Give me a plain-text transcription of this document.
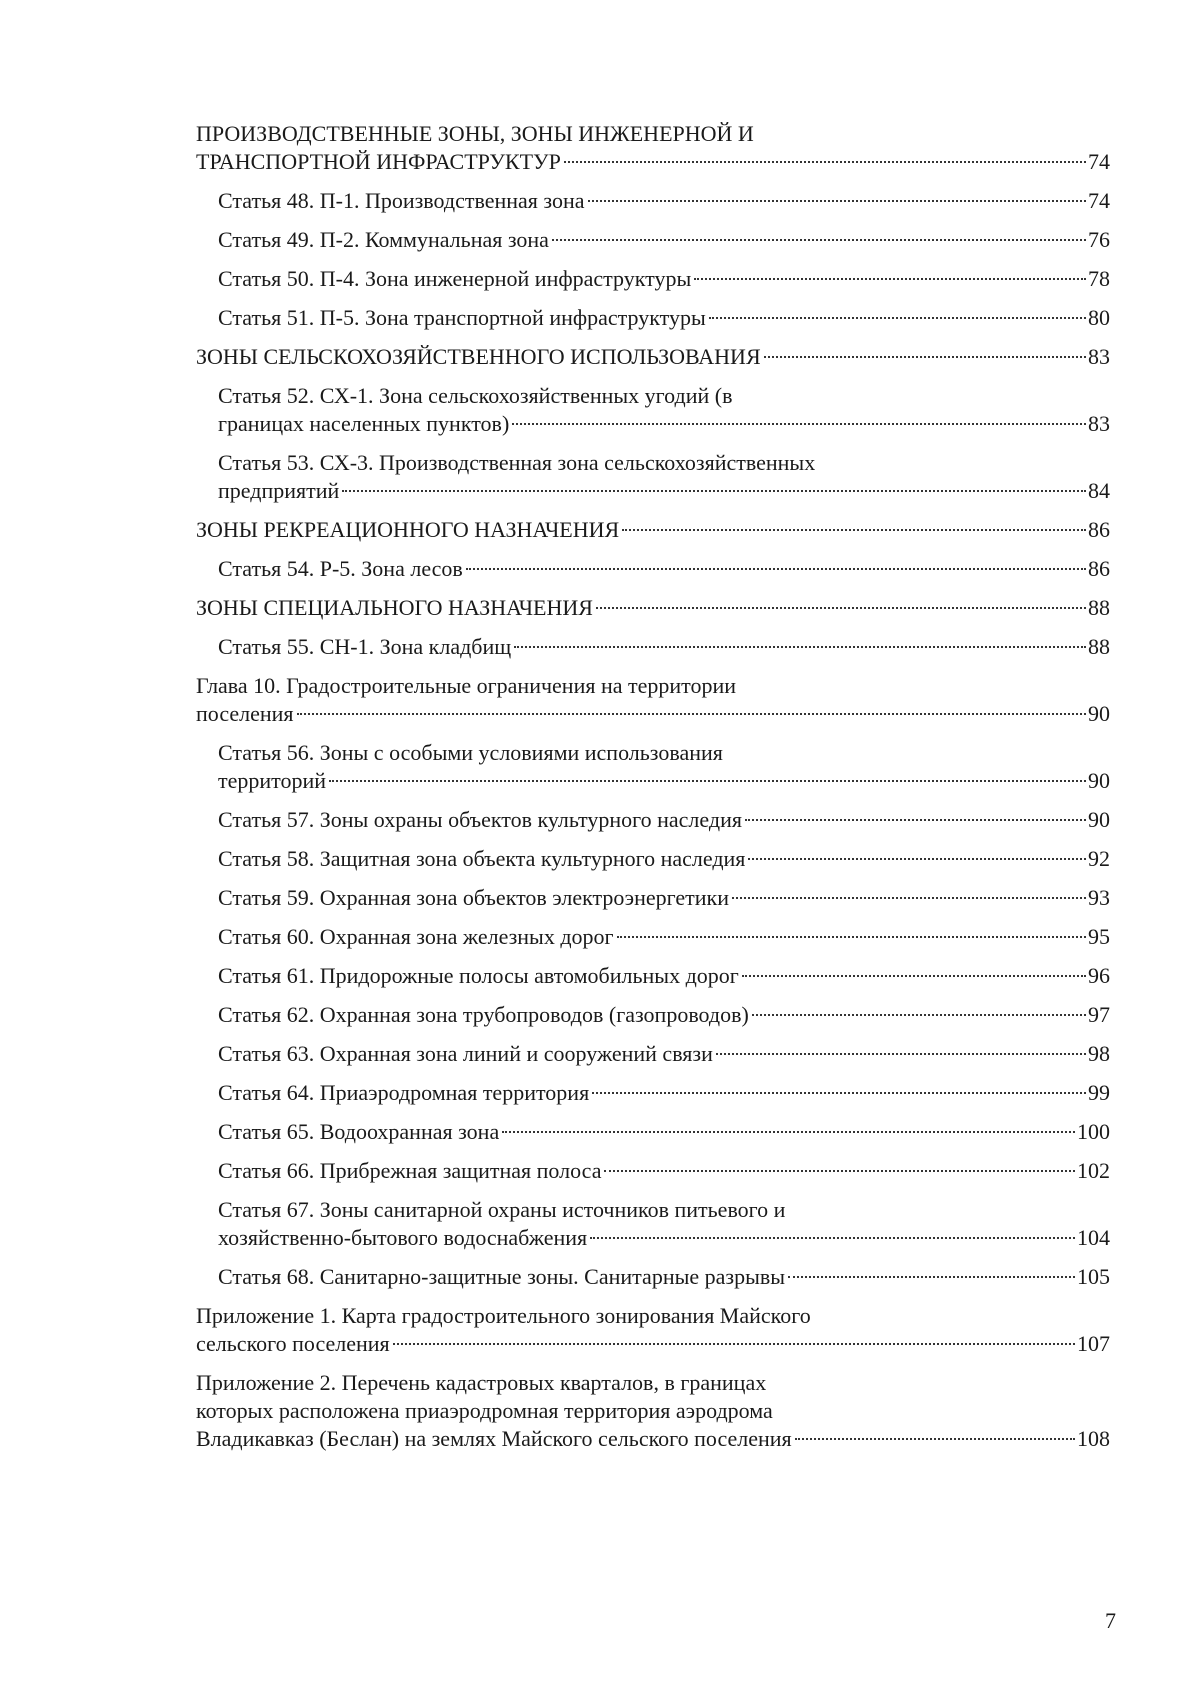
ПРОИЗВОДСТВЕННЫЕ ЗОНЫ, ЗОНЫ ИНЖЕНЕРНОЙ И
ТРАНСПОРТНОЙ ИНФРАСТРУКТУР	74
Статья 48. П-1. Производственная зона	74
Статья 49. П-2. Коммунальная зона	76
Статья 50. П-4. Зона инженерной инфраструктуры	78
Статья 51. П-5. Зона транспортной инфраструктуры	80
ЗОНЫ СЕЛЬСКОХОЗЯЙСТВЕННОГО ИСПОЛЬЗОВАНИЯ	83
Статья 52. СХ-1. Зона сельскохозяйственных угодий (в
границах населенных пунктов)	83
Статья 53. СХ-3. Производственная зона сельскохозяйственных
предприятий	84
ЗОНЫ РЕКРЕАЦИОННОГО НАЗНАЧЕНИЯ	86
Статья 54. Р-5. Зона лесов	86
ЗОНЫ СПЕЦИАЛЬНОГО НАЗНАЧЕНИЯ	88
Статья 55. СН-1. Зона кладбищ	88
Глава 10. Градостроительные ограничения на территории
поселения	90
Статья 56. Зоны с особыми условиями использования
территорий	90
Статья 57. Зоны охраны объектов культурного наследия	90
Статья 58. Защитная зона объекта культурного наследия	92
Статья 59. Охранная зона объектов электроэнергетики	93
Статья 60. Охранная зона железных дорог	95
Статья 61. Придорожные полосы автомобильных дорог	96
Статья 62. Охранная зона трубопроводов (газопроводов)	97
Статья 63. Охранная зона линий и сооружений связи	98
Статья 64. Приаэродромная территория	99
Статья 65. Водоохранная зона	100
Статья 66. Прибрежная защитная полоса	102
Статья 67. Зоны санитарной охраны источников питьевого и
хозяйственно-бытового водоснабжения	104
Статья 68. Санитарно-защитные зоны. Санитарные разрывы	105
Приложение 1. Карта градостроительного зонирования Майского
сельского поселения	107
Приложение 2. Перечень кадастровых кварталов, в границах
которых расположена приаэродромная территория аэродрома
Владикавказ (Беслан) на землях Майского сельского поселения	108
7
